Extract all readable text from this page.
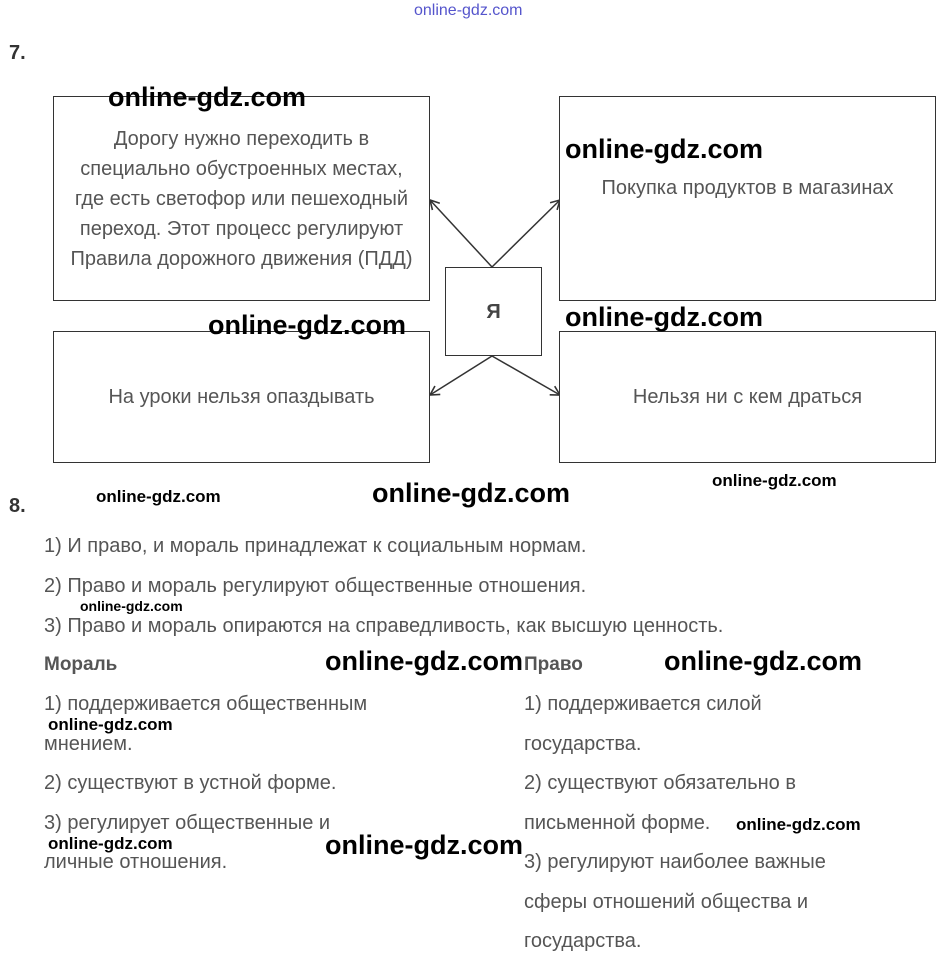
online-gdz.com
7.
Дорогу нужно переходить в специально обустроенных местах, где есть светофор или пешеходный переход. Этот процесс регулируют Правила дорожного движения (ПДД)
Покупка продуктов в магазинах
Я
На уроки нельзя опаздывать	Нельзя ни с кем драться
8.
1) И право, и мораль принадлежат к социальным нормам.
2) Право и мораль регулируют общественные отношения.
3) Право и мораль опираются на справедливость, как высшую ценность.
Мораль
1) поддерживается общественным
мнением.
2) существуют в устной форме.
3) регулирует общественные и
личные отношения.
Право
1) поддерживается силой
государства.
2) существуют обязательно в
письменной форме.
3) регулируют наиболее важные
сферы отношений общества и
государства.
online-gdz.com
online-gdz.com
online-gdz.com	online-gdz.com
online-gdz.com
online-gdz.com	online-gdz.com
online-gdz.com
online-gdz.com	online-gdz.com
online-gdz.com
online-gdz.com
online-gdz.com	online-gdz.com
